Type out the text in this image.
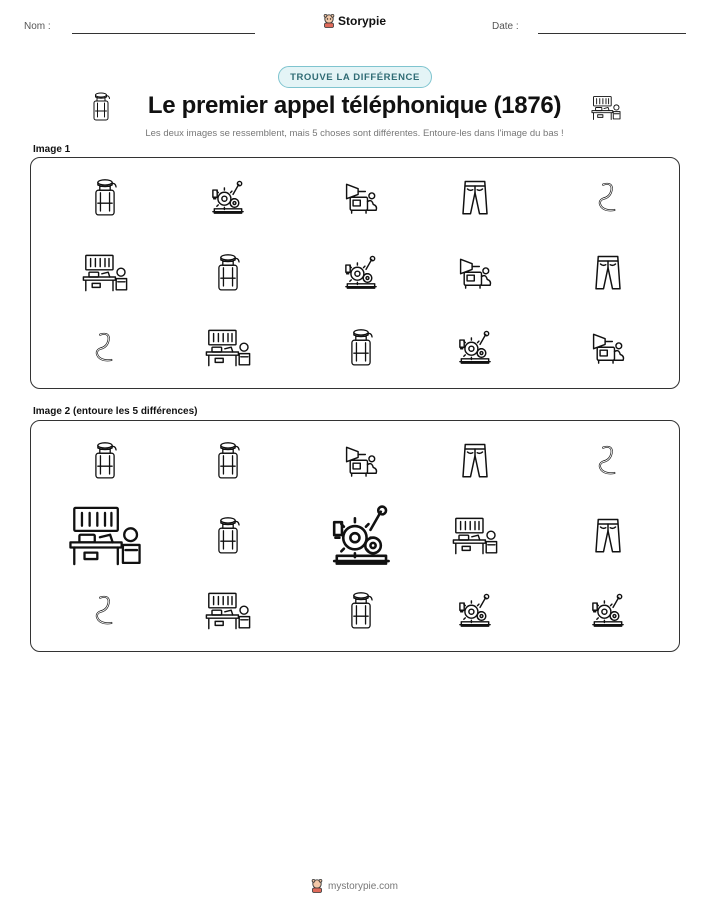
Nom :	Storypie	Date :
TROUVE LA DIFFÉRENCE
Le premier appel téléphonique (1876)
Les deux images se ressemblent, mais 5 choses sont différentes. Entoure-les dans l'image du bas !
Image 1
Image 2 (entoure les 5 différences)
mystorypie.com
